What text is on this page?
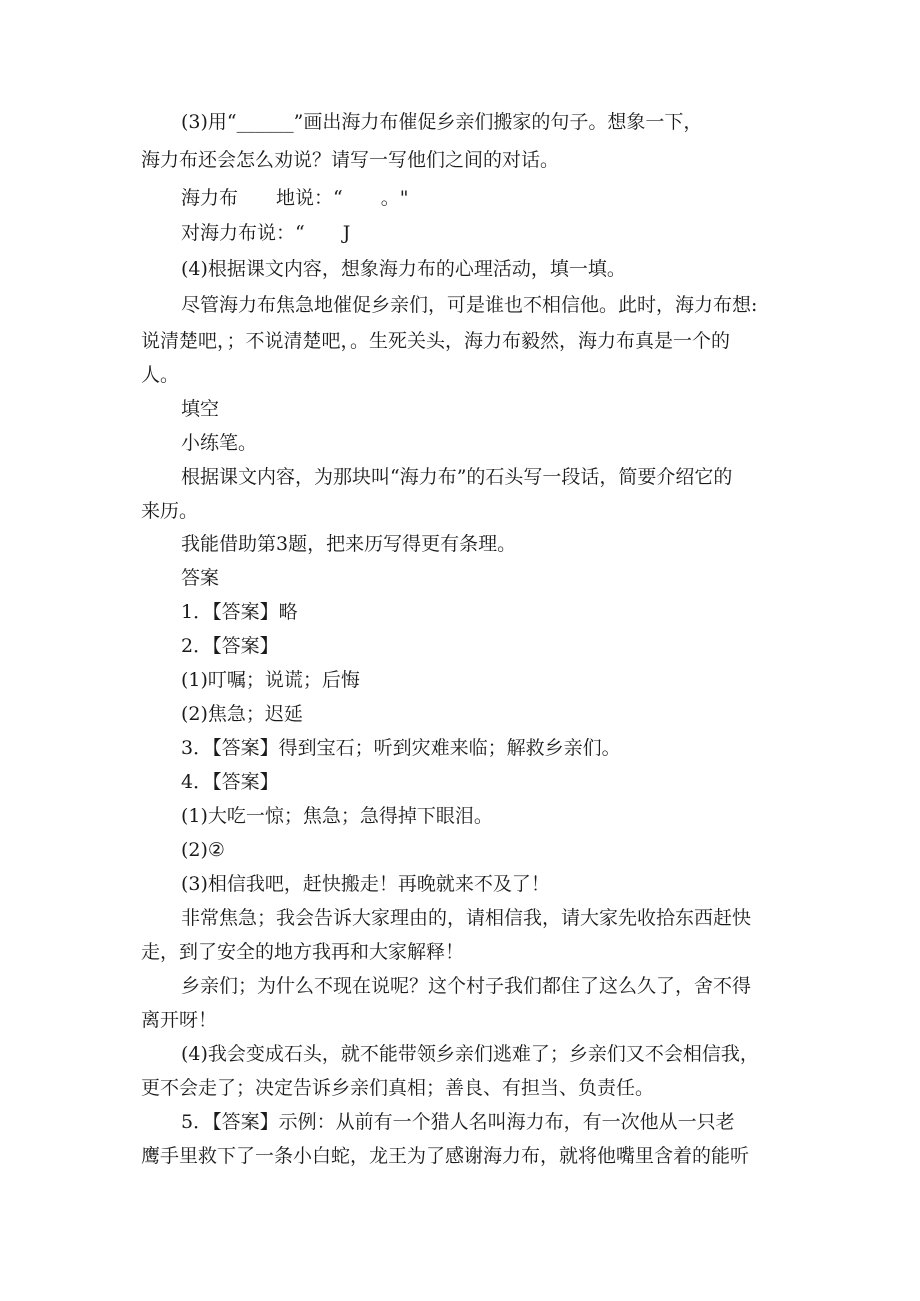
(3)用“______”画出海力布催促乡亲们搬家的句子。想象一下，
海力布还会怎么劝说？请写一写他们之间的对话。
海力布　　地说：“　　。"
对海力布说：“　　J
(4)根据课文内容，想象海力布的心理活动，填一填。
尽管海力布焦急地催促乡亲们，可是谁也不相信他。此时，海力布想:
说清楚吧，；不说清楚吧，。生死关头，海力布毅然，海力布真是一个的
人。
填空
小练笔。
根据课文内容，为那块叫“海力布”的石头写一段话，简要介绍它的
来历。
我能借助第3题，把来历写得更有条理。
答案
1．【答案】略
2．【答案】
(1)叮嘱；说谎；后悔
(2)焦急；迟延
3．【答案】得到宝石；听到灾难来临；解救乡亲们。
4．【答案】
(1)大吃一惊；焦急；急得掉下眼泪。
(2)②
(3)相信我吧，赶快搬走！再晚就来不及了！
非常焦急；我会告诉大家理由的，请相信我，请大家先收拾东西赶快
走，到了安全的地方我再和大家解释！
乡亲们；为什么不现在说呢？这个村子我们都住了这么久了，舍不得
离开呀！
(4)我会变成石头，就不能带领乡亲们逃难了；乡亲们又不会相信我，
更不会走了；决定告诉乡亲们真相；善良、有担当、负责任。
5．【答案】示例：从前有一个猎人名叫海力布，有一次他从一只老
鹰手里救下了一条小白蛇，龙王为了感谢海力布，就将他嘴里含着的能听
